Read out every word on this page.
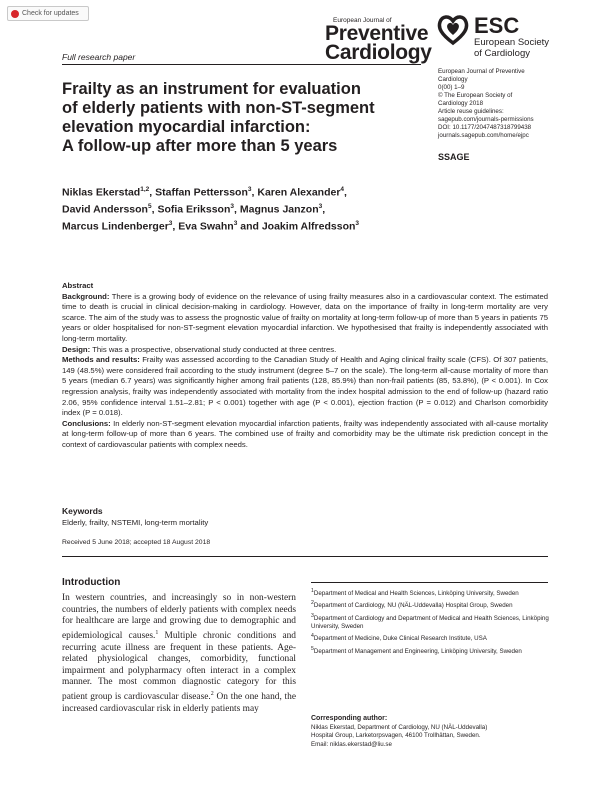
Check for updates
European Journal of
Preventive
Cardiology
ESC
European Society
of Cardiology
Full research paper
European Journal of Preventive
Cardiology
0(00) 1–9
© The European Society of
Cardiology 2018
Article reuse guidelines:
sagepub.com/journals-permissions
DOI: 10.1177/2047487318799438
journals.sagepub.com/home/ejpc
SSAGE
Frailty as an instrument for evaluation
of elderly patients with non-ST-segment
elevation myocardial infarction:
A follow-up after more than 5 years
Niklas Ekerstad$^{1,2}$, Staffan Pettersson$^3$, Karen Alexander$^4$,
David Andersson$^5$, Sofia Eriksson$^3$, Magnus Janzon$^3$,
Marcus Lindenberger$^3$, Eva Swahn$^3$ and Joakim Alfredsson$^3$

Abstract

Background: There is a growing body of evidence on the relevance of using frailty measures also in a cardiovascular context. The estimated time to death is crucial in clinical decision-making in cardiology. However, data on the importance of frailty in long-term mortality are very scarce. The aim of the study was to assess the prognostic value of frailty on mortality at long-term follow-up of more than 5 years in patients 75 years or older hospitalised for non-ST-segment elevation myocardial infarction. We hypothesised that frailty is independently associated with long-term mortality.

Design: This was a prospective, observational study conducted at three centres.

Methods and results: Frailty was assessed according to the Canadian Study of Health and Aging clinical frailty scale (CFS). Of 307 patients, 149 (48.5%) were considered frail according to the study instrument (degree 5–7 on the scale). The long-term all-cause mortality of more than 5 years (median 6.7 years) was significantly higher among frail patients (128, 85.9%) than non-frail patients (85, 53.8%), (P < 0.001). In Cox regression analysis, frailty was independently associated with mortality from the index hospital admission to the end of follow-up (hazard ratio 2.06, 95% confidence interval 1.51–2.81; P < 0.001) together with age (P < 0.001), ejection fraction (P = 0.012) and Charlson comorbidity index (P = 0.018).

Conclusions: In elderly non-ST-segment elevation myocardial infarction patients, frailty was independently associated with all-cause mortality at long-term follow-up of more than 6 years. The combined use of frailty and comorbidity may be the ultimate risk prediction concept in the context of cardiovascular patients with complex needs.

Keywords
Elderly, frailty, NSTEMI, long-term mortality
Received 5 June 2018; accepted 18 August 2018
Introduction
In western countries, and increasingly so in non-western countries, the numbers of elderly patients with complex needs for healthcare are large and growing due to demographic and epidemiological causes.$^1$ Multiple chronic conditions and recurring acute illness are frequent in these patients. Age-related physiological changes, comorbidity, functional impairment and polypharmacy often interact in a complex manner. The most common diagnostic category for this patient group is cardiovascular disease.$^2$ On the one hand, the increased cardiovascular risk in elderly patients may
$^1$Department of Medical and Health Sciences, Linköping University, Sweden
$^2$Department of Cardiology, NU (NÄL-Uddevalla) Hospital Group, Sweden
$^3$Department of Cardiology and Department of Medical and Health Sciences, Linköping University, Sweden
$^4$Department of Medicine, Duke Clinical Research Institute, USA
$^5$Department of Management and Engineering, Linköping University, Sweden
Corresponding author:
Niklas Ekerstad, Department of Cardiology, NU (NÄL-Uddevalla)
Hospital Group, Larketorpsvagen, 46100 Trollhättan, Sweden.
Email: niklas.ekerstad@liu.se
